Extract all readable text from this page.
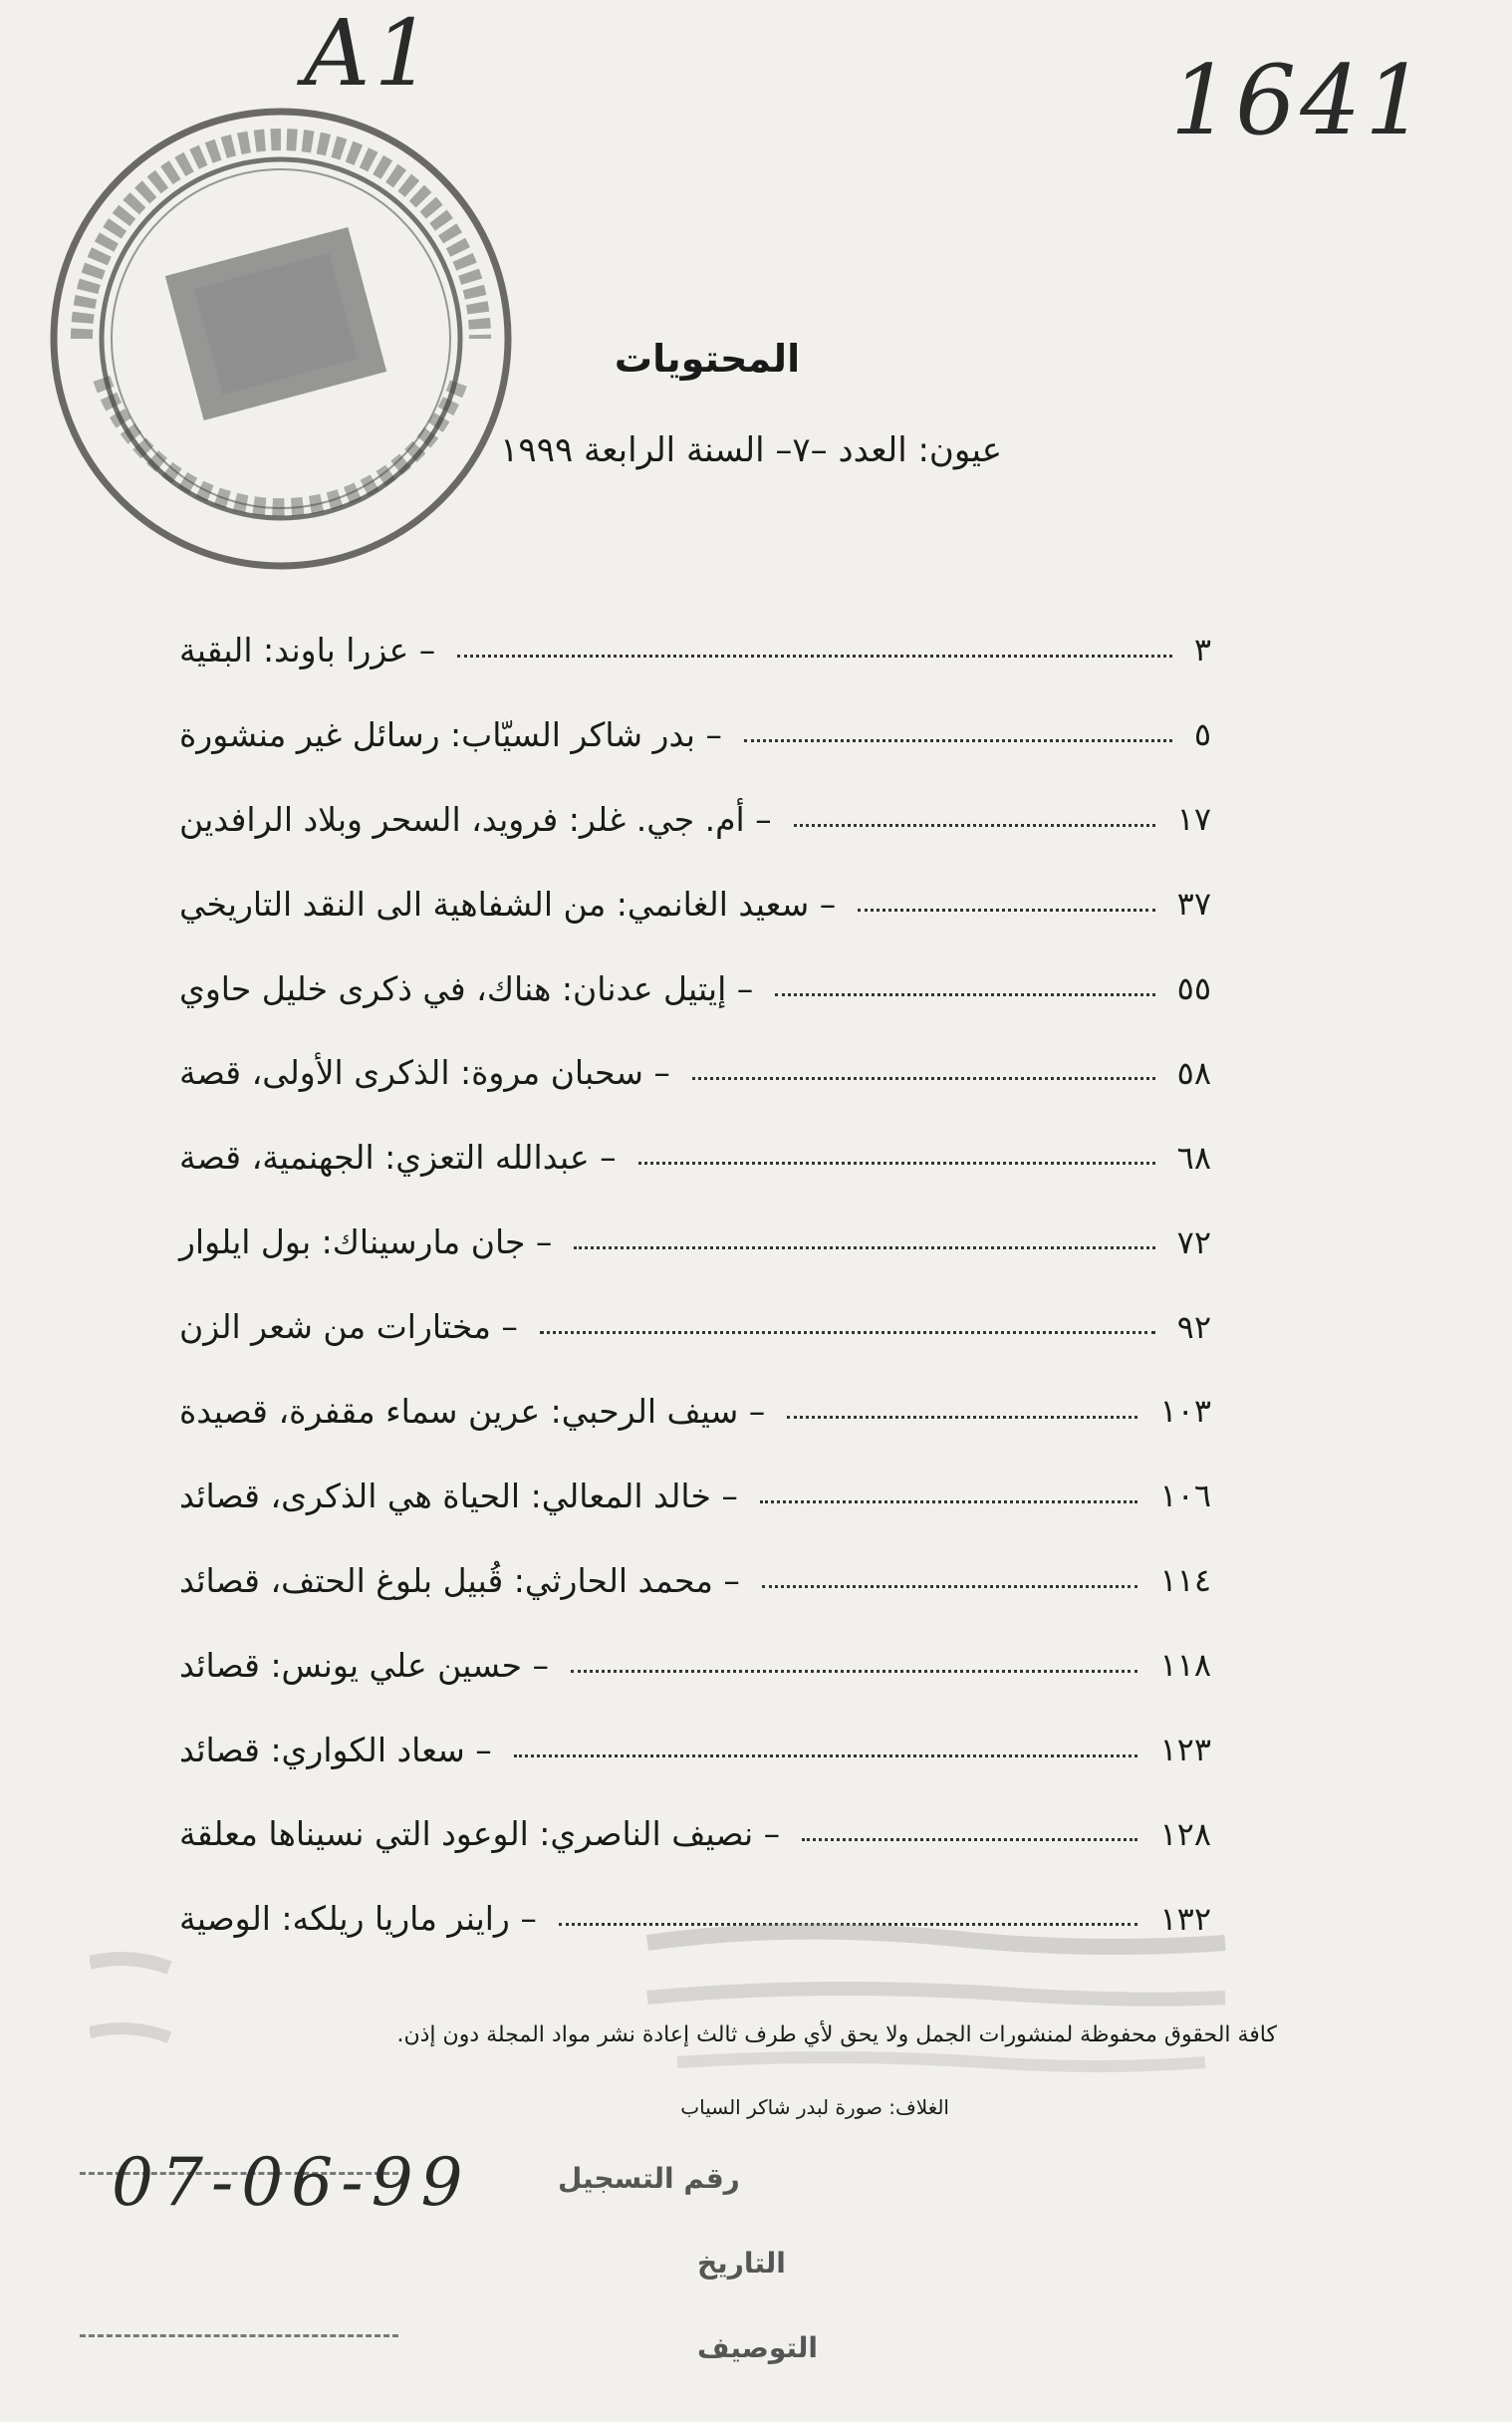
A1	1641
المحتويات
عيون: العدد –٧– السنة الرابعة ١٩٩٩
– عزرا باوند: البقية	٣
– بدر شاكر السيّاب: رسائل غير منشورة	٥
– أم. جي. غلر: فرويد، السحر وبلاد الرافدين	١٧
– سعيد الغانمي: من الشفاهية الى النقد التاريخي	٣٧
– إيتيل عدنان: هناك، في ذكرى خليل حاوي	٥٥
– سحبان مروة: الذكرى الأولى، قصة	٥٨
– عبدالله التعزي: الجهنمية، قصة	٦٨
– جان مارسيناك: بول ايلوار	٧٢
– مختارات من شعر الزن	٩٢
– سيف الرحبي: عرين سماء مقفرة، قصيدة	١٠٣
– خالد المعالي: الحياة هي الذكرى، قصائد	١٠٦
– محمد الحارثي: قُبيل بلوغ الحتف، قصائد	١١٤
– حسين علي يونس: قصائد	١١٨
– سعاد الكواري: قصائد	١٢٣
– نصيف الناصري: الوعود التي نسيناها معلقة	١٢٨
– راينر ماريا ريلكه: الوصية	١٣٢
كافة الحقوق محفوظة لمنشورات الجمل ولا يحق لأي طرف ثالث إعادة نشر مواد المجلة دون إذن.
الغلاف: صورة لبدر شاكر السياب
07-06-99	رقم التسجيل
التاريخ
التوصيف
